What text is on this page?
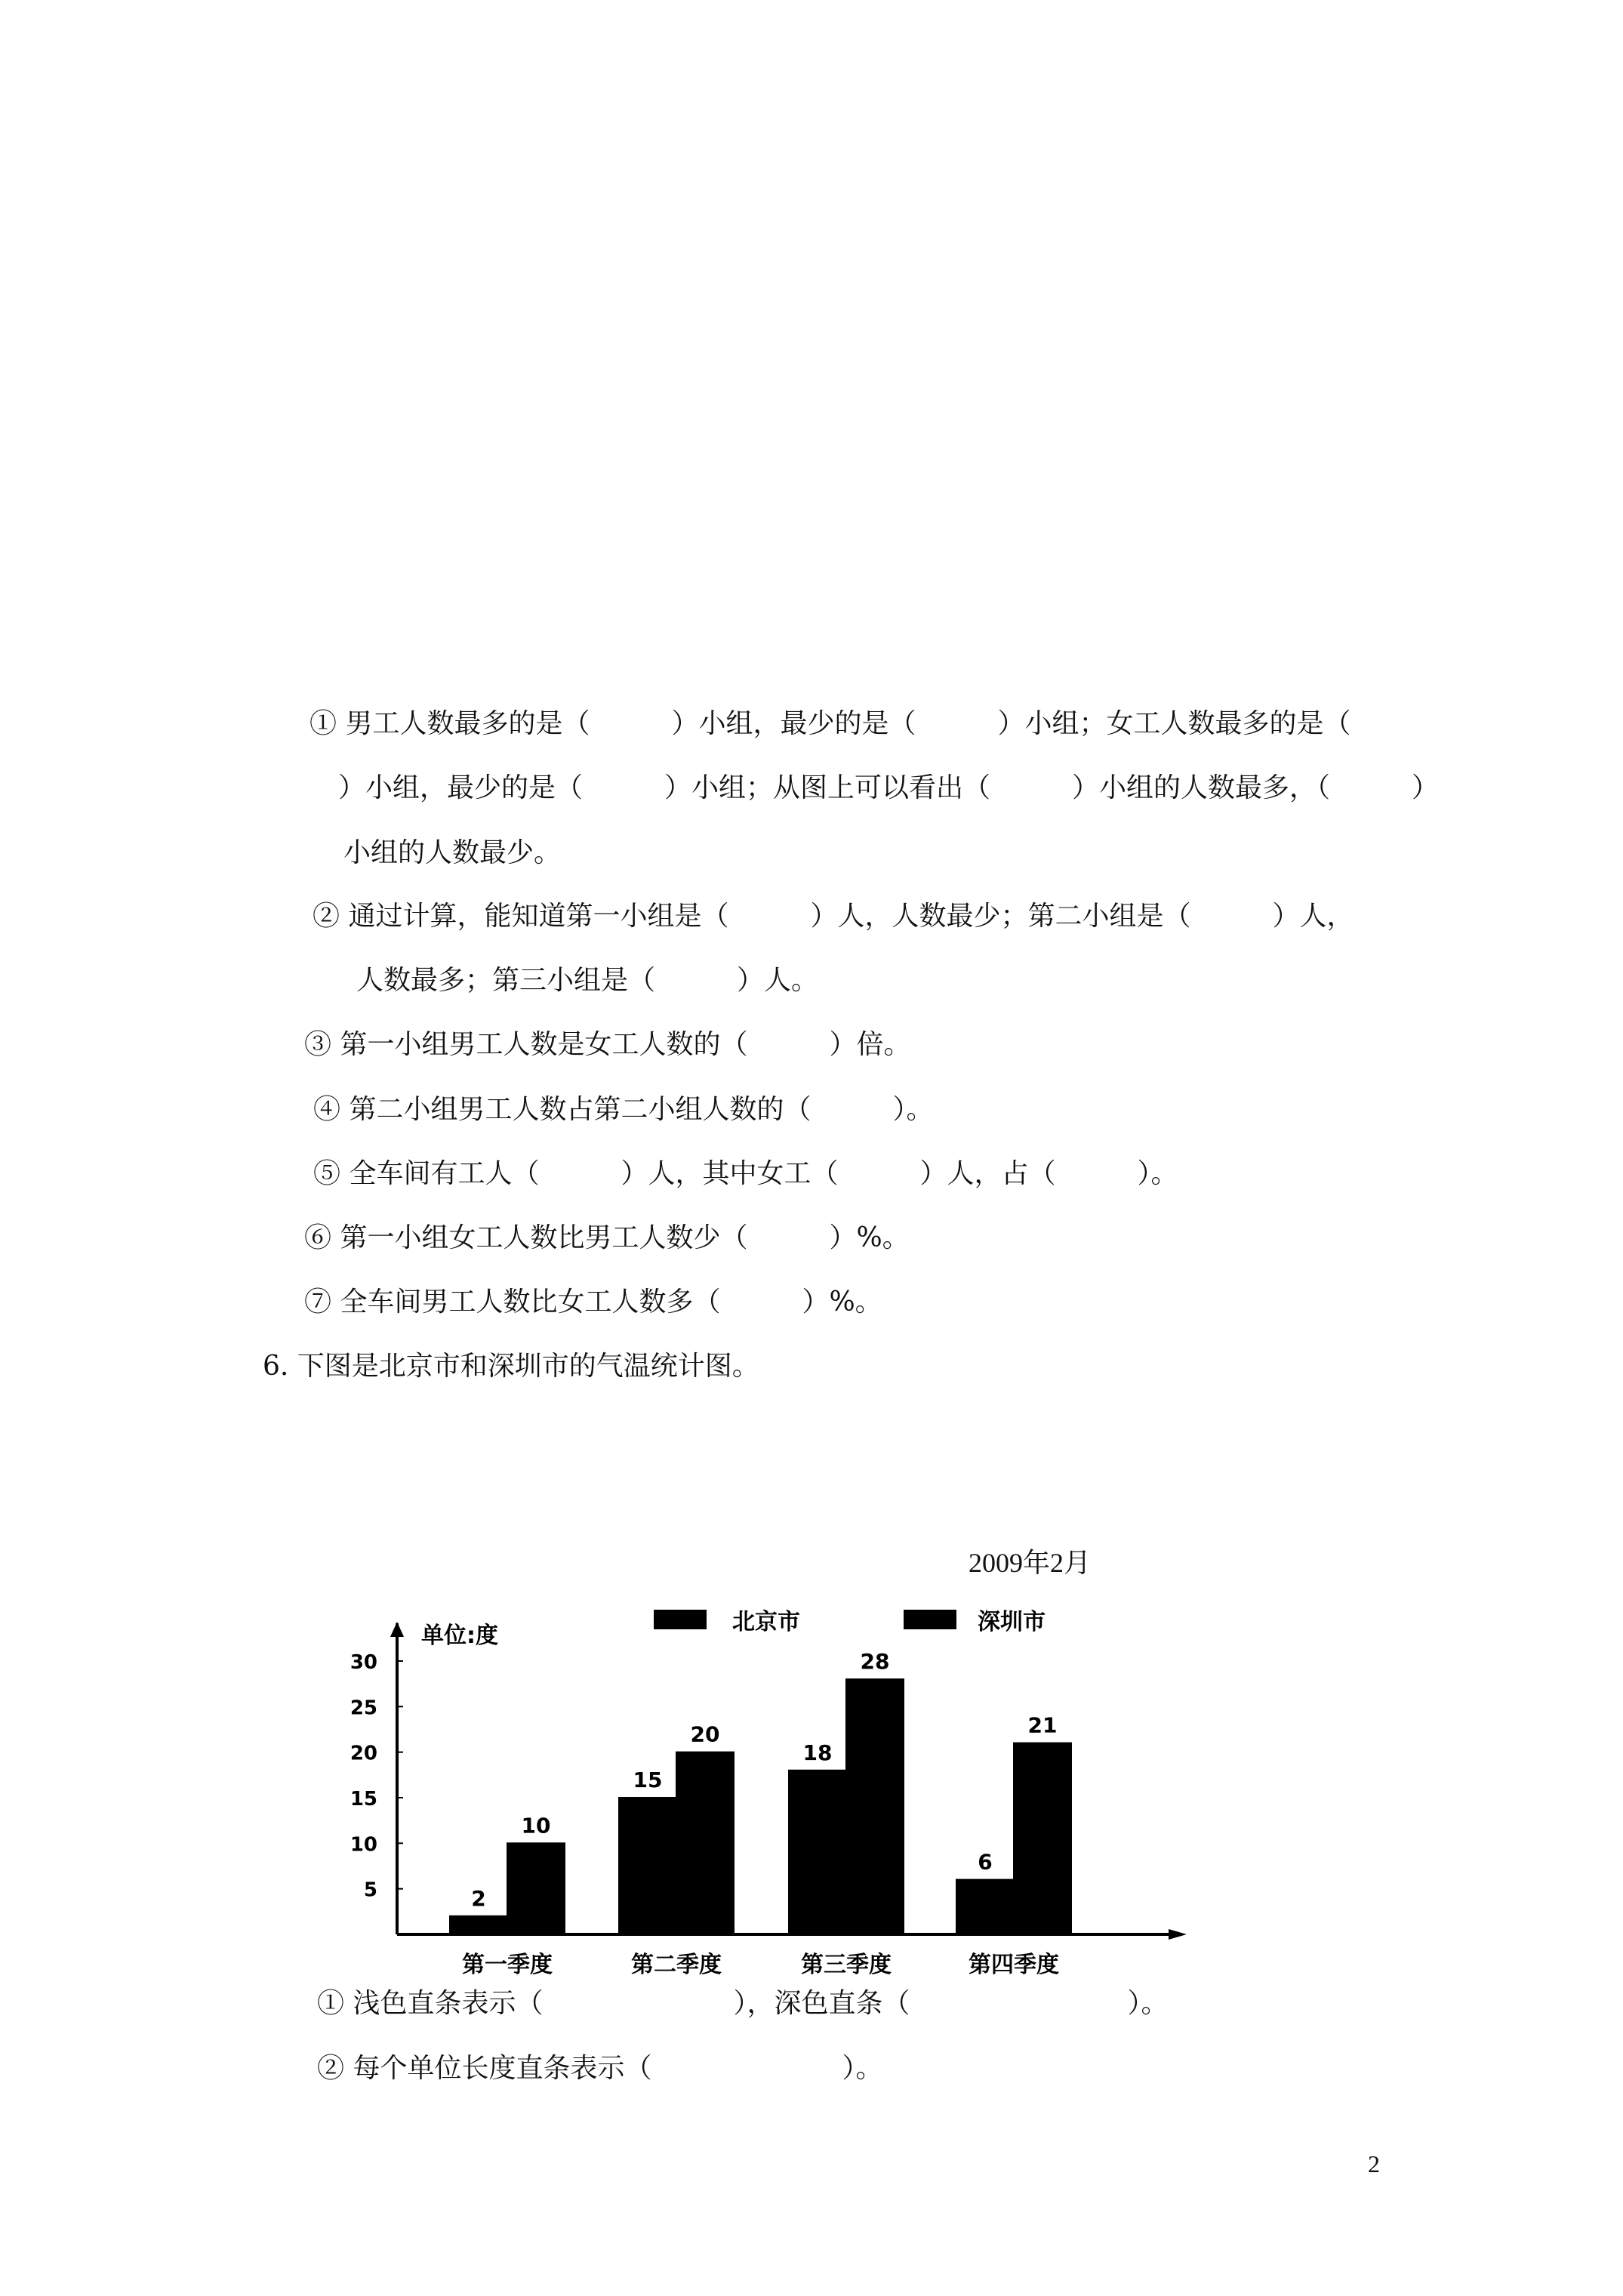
① 男工人数最多的是（　　　）小组，最少的是（　　　）小组；女工人数最多的是（
）小组，最少的是（　　　）小组；从图上可以看出（　　　）小组的人数最多，（　　　）
小组的人数最少。
② 通过计算，能知道第一小组是（　　　）人，人数最少；第二小组是（　　　）人，
人数最多；第三小组是（　　　）人。
③ 第一小组男工人数是女工人数的（　　　）倍。
④ 第二小组男工人数占第二小组人数的（　　　）。
⑤ 全车间有工人（　　　）人，其中女工（　　　）人，占（　　　）。
⑥ 第一小组女工人数比男工人数少（　　　）%。
⑦ 全车间男工人数比女工人数多（　　　）%。
6. 下图是北京市和深圳市的气温统计图。
2009年2月
单位:度
5
10
15
20
25
30
北京市	深圳市
2
10
第一季度
15
20
第二季度
18
28
第三季度
6
21
第四季度
① 浅色直条表示（　　　　　　　），深色直条（　　　　　　　　）。
② 每个单位长度直条表示（　　　　　　　）。
2
